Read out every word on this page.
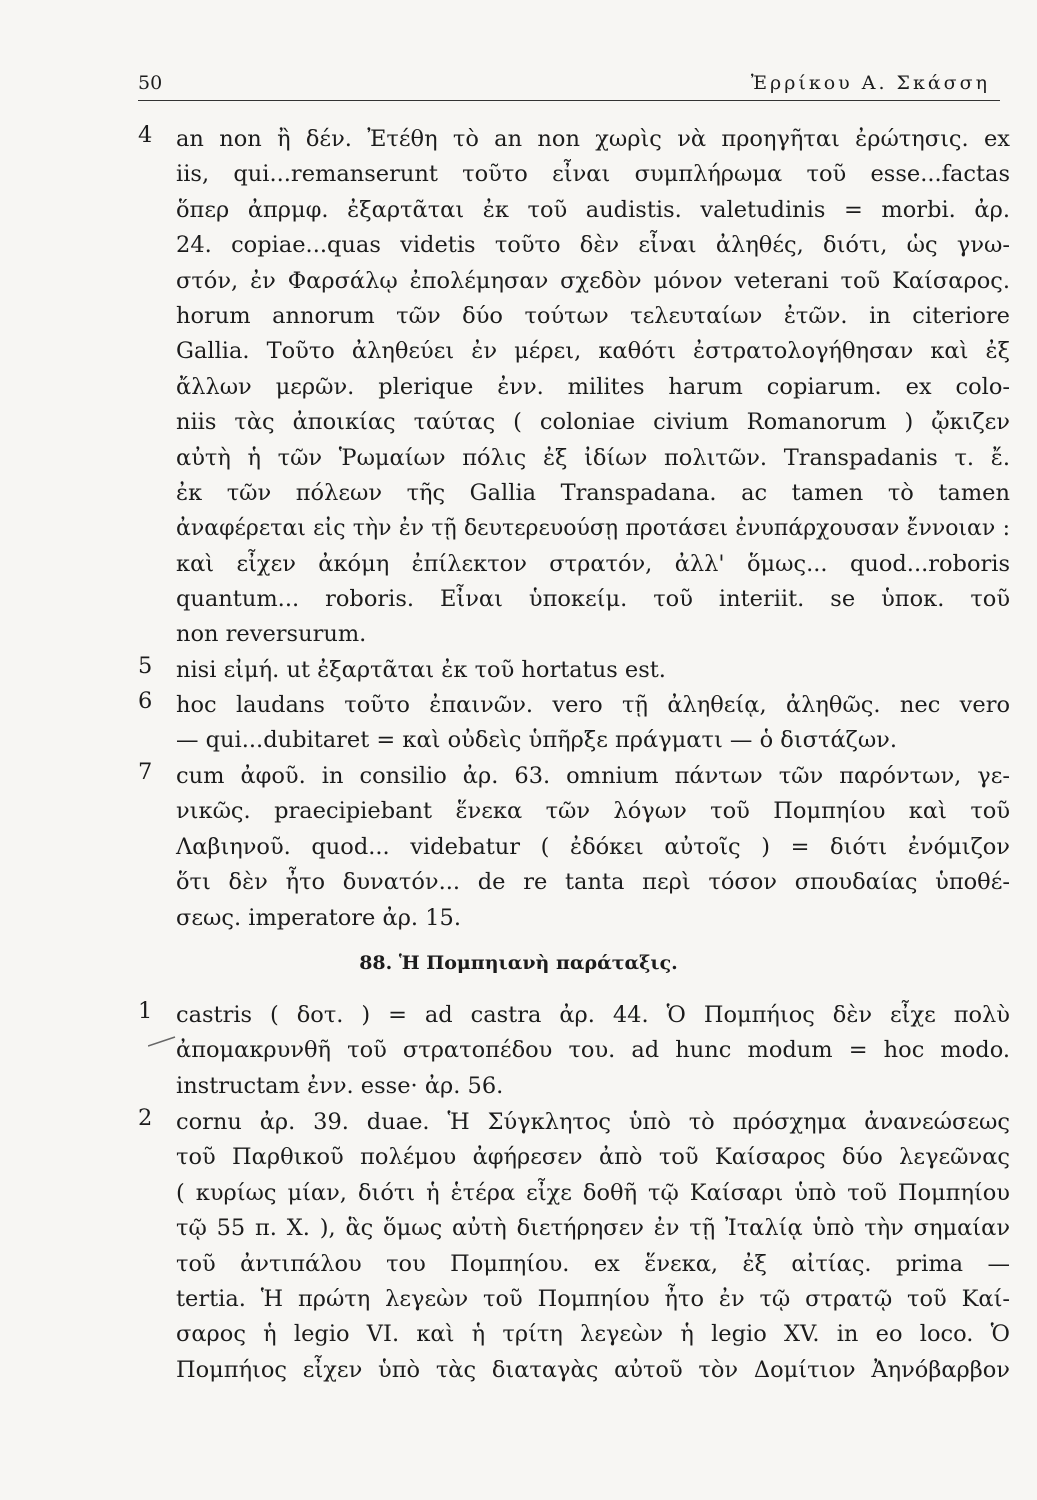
50	Ἐρρίκου Α. Σκάσση
4	an non ἢ δέν. Ἐτέθη τὸ an non χωρὶς νὰ προηγῆται ἐρώτησις. ex
iis, qui...remanserunt τοῦτο εἶναι συμπλήρωμα τοῦ esse...factas
ὅπερ ἀπρμφ. ἐξαρτᾶται ἐκ τοῦ audistis. valetudinis = morbi. ἀρ.
24. copiae...quas videtis τοῦτο δὲν εἶναι ἀληθές, διότι, ὡς γνω-
στόν, ἐν Φαρσάλῳ ἐπολέμησαν σχεδὸν μόνον veterani τοῦ Καίσαρος.
horum annorum τῶν δύο τούτων τελευταίων ἐτῶν. in citeriore
Gallia. Τοῦτο ἀληθεύει ἐν μέρει, καθότι ἐστρατολογήθησαν καὶ ἐξ
ἄλλων μερῶν. plerique ἐνν. milites harum copiarum. ex colo-
niis τὰς ἀποικίας ταύτας ( coloniae civium Romanorum ) ᾤκιζεν
αὐτὴ ἡ τῶν Ῥωμαίων πόλις ἐξ ἰδίων πολιτῶν. Transpadanis τ. ἔ.
ἐκ τῶν πόλεων τῆς Gallia Transpadana. ac tamen τὸ tamen
ἀναφέρεται εἰς τὴν ἐν τῇ δευτερευούσῃ προτάσει ἐνυπάρχουσαν ἔννοιαν :
καὶ εἶχεν ἀκόμη ἐπίλεκτον στρατόν, ἀλλ' ὅμως... quod...roboris
quantum... roboris. Εἶναι ὑποκείμ. τοῦ interiit. se ὑποκ. τοῦ
non reversurum.
5	nisi εἰμή. ut ἐξαρτᾶται ἐκ τοῦ hortatus est.
6	hoc laudans τοῦτο ἐπαινῶν. vero τῇ ἀληθείᾳ, ἀληθῶς. nec vero
— qui...dubitaret = καὶ οὐδεὶς ὑπῆρξε πράγματι — ὁ διστάζων.
7	cum ἀφοῦ. in consilio ἀρ. 63. omnium πάντων τῶν παρόντων, γε-
νικῶς. praecipiebant ἕνεκα τῶν λόγων τοῦ Πομπηίου καὶ τοῦ
Λαβιηνοῦ. quod... videbatur ( ἐδόκει αὐτοῖς ) = διότι ἐνόμιζον
ὅτι δὲν ἦτο δυνατόν... de re tanta περὶ τόσον σπουδαίας ὑποθέ-
σεως. imperatore ἀρ. 15.
88. Ἡ Πομπηιανὴ παράταξις.
1	castris ( δοτ. ) = ad castra ἀρ. 44. Ὁ Πομπήιος δὲν εἶχε πολὺ
ἀπομακρυνθῆ τοῦ στρατοπέδου του. ad hunc modum = hoc modo.
instructam ἐνν. esse· ἀρ. 56.
2	cornu ἀρ. 39. duae. Ἡ Σύγκλητος ὑπὸ τὸ πρόσχημα ἀνανεώσεως
τοῦ Παρθικοῦ πολέμου ἀφήρεσεν ἀπὸ τοῦ Καίσαρος δύο λεγεῶνας
( κυρίως μίαν, διότι ἡ ἑτέρα εἶχε δοθῆ τῷ Καίσαρι ὑπὸ τοῦ Πομπηίου
τῷ 55 π. Χ. ), ἃς ὅμως αὐτὴ διετήρησεν ἐν τῇ Ἰταλίᾳ ὑπὸ τὴν σημαίαν
τοῦ ἀντιπάλου του Πομπηίου. ex ἕνεκα, ἐξ αἰτίας. prima —
tertia. Ἡ πρώτη λεγεὼν τοῦ Πομπηίου ἦτο ἐν τῷ στρατῷ τοῦ Καί-
σαρος ἡ legio VI. καὶ ἡ τρίτη λεγεὼν ἡ legio XV. in eo loco. Ὁ
Πομπήιος εἶχεν ὑπὸ τὰς διαταγὰς αὐτοῦ τὸν Δομίτιον Ἀηνόβαρβον
